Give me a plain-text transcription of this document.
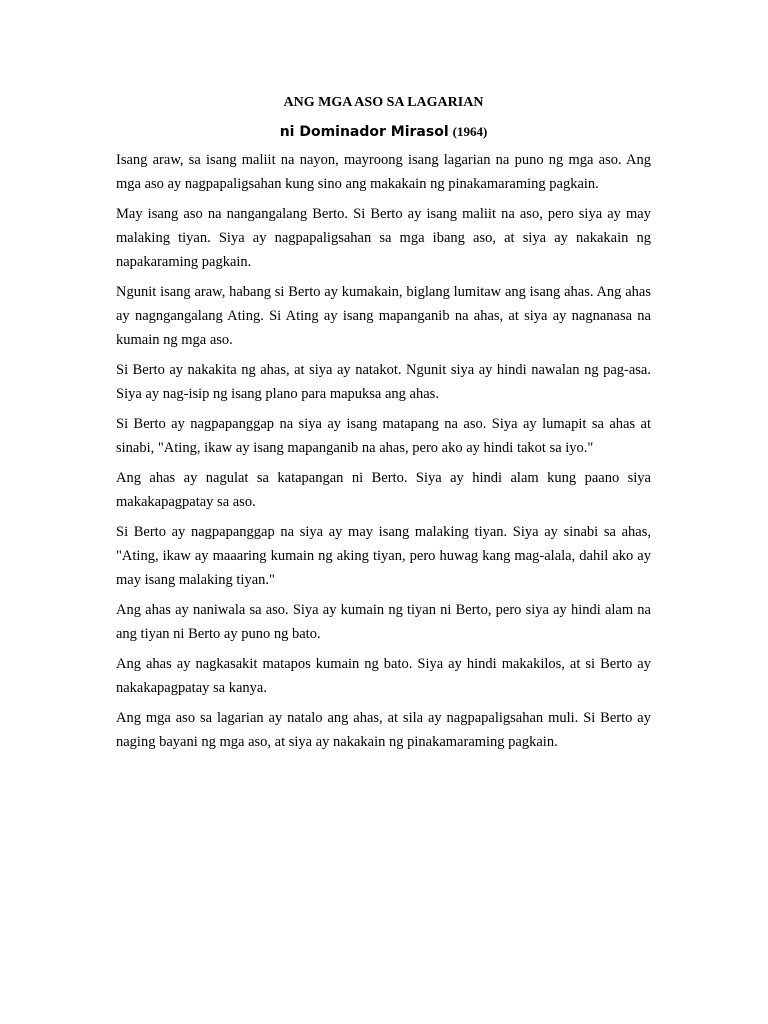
ANG MGA ASO SA LAGARIAN
ni Dominador Mirasol (1964)

Isang araw, sa isang maliit na nayon, mayroong isang lagarian na puno ng mga aso. Ang mga aso ay nagpapaligsahan kung sino ang makakain ng pinakamaraming pagkain.

May isang aso na nangangalang Berto. Si Berto ay isang maliit na aso, pero siya ay may malaking tiyan. Siya ay nagpapaligsahan sa mga ibang aso, at siya ay nakakain ng napakaraming pagkain.

Ngunit isang araw, habang si Berto ay kumakain, biglang lumitaw ang isang ahas. Ang ahas ay nagngangalang Ating. Si Ating ay isang mapanganib na ahas, at siya ay nagnanasa na kumain ng mga aso.

Si Berto ay nakakita ng ahas, at siya ay natakot. Ngunit siya ay hindi nawalan ng pag-asa. Siya ay nag-isip ng isang plano para mapuksa ang ahas.

Si Berto ay nagpapanggap na siya ay isang matapang na aso. Siya ay lumapit sa ahas at sinabi, "Ating, ikaw ay isang mapanganib na ahas, pero ako ay hindi takot sa iyo."

Ang ahas ay nagulat sa katapangan ni Berto. Siya ay hindi alam kung paano siya makakapagpatay sa aso.

Si Berto ay nagpapanggap na siya ay may isang malaking tiyan. Siya ay sinabi sa ahas, "Ating, ikaw ay maaaring kumain ng aking tiyan, pero huwag kang mag-alala, dahil ako ay may isang malaking tiyan."

Ang ahas ay naniwala sa aso. Siya ay kumain ng tiyan ni Berto, pero siya ay hindi alam na ang tiyan ni Berto ay puno ng bato.

Ang ahas ay nagkasakit matapos kumain ng bato. Siya ay hindi makakilos, at si Berto ay nakakapagpatay sa kanya.

Ang mga aso sa lagarian ay natalo ang ahas, at sila ay nagpapaligsahan muli. Si Berto ay naging bayani ng mga aso, at siya ay nakakain ng pinakamaraming pagkain.
